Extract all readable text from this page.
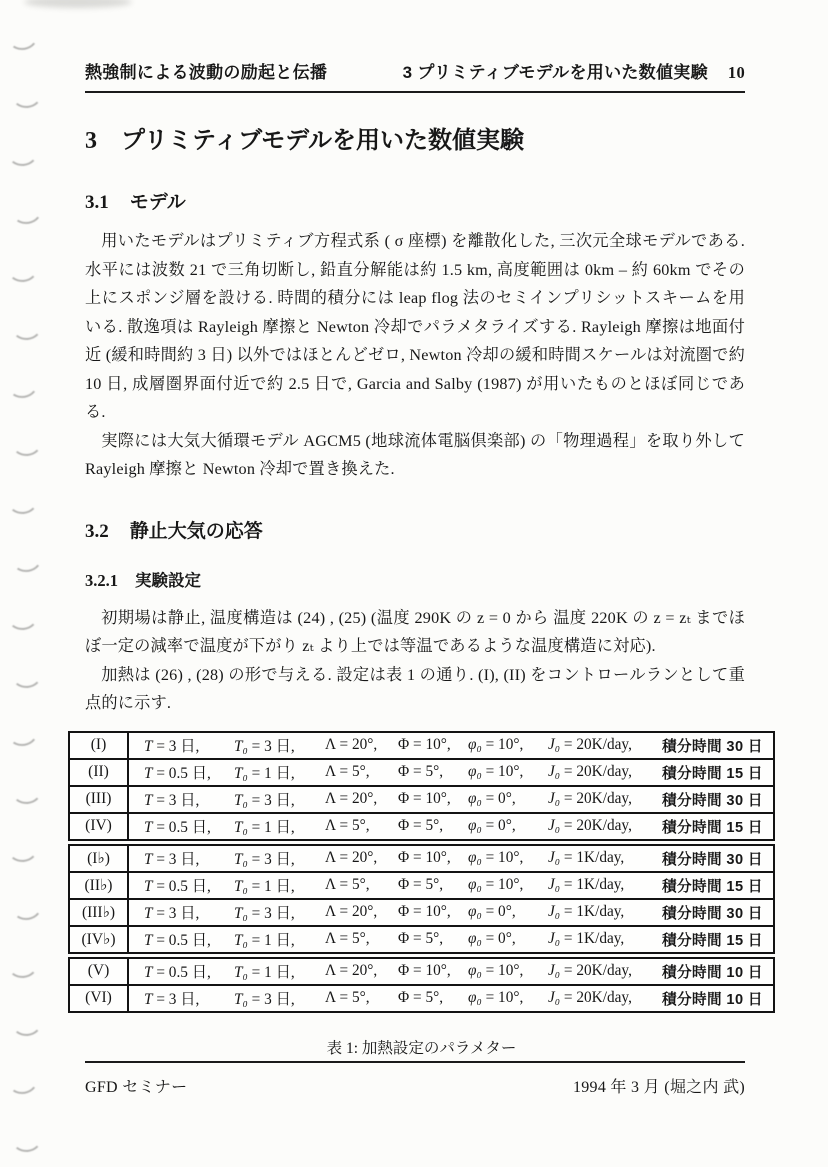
熱強制による波動の励起と伝播	3 プリミティブモデルを用いた数値実験 10
3 プリミティブモデルを用いた数値実験
3.1 モデル
用いたモデルはプリミティブ方程式系 ( σ 座標) を離散化した, 三次元全球モデルである. 水平には波数 21 で三角切断し, 鉛直分解能は約 1.5 km, 高度範囲は 0km – 約 60km でその上にスポンジ層を設ける. 時間的積分には leap flog 法のセミインプリシットスキームを用いる. 散逸項は Rayleigh 摩擦と Newton 冷却でパラメタライズする. Rayleigh 摩擦は地面付近 (緩和時間約 3 日) 以外ではほとんどゼロ, Newton 冷却の緩和時間スケールは対流圏で約 10 日, 成層圏界面付近で約 2.5 日で, Garcia and Salby (1987) が用いたものとほぼ同じである.
実際には大気大循環モデル AGCM5 (地球流体電脳倶楽部) の「物理過程」を取り外して Rayleigh 摩擦と Newton 冷却で置き換えた.
3.2 静止大気の応答
3.2.1 実験設定
初期場は静止, 温度構造は (24) , (25) (温度 290K の z = 0 から 温度 220K の z = zₜ までほぼ一定の減率で温度が下がり zₜ より上では等温であるような温度構造に対応).
加熱は (26) , (28) の形で与える. 設定は表 1 の通り. (I), (II) をコントロールランとして重点的に示す.
(I)	T = 3 日,	T₀ = 3 日,	Λ = 20°,	Φ = 10°,	φ₀ = 10°,	J₀ = 20K/day,	積分時間 30 日
(II)	T = 0.5 日,	T₀ = 1 日,	Λ = 5°,	Φ = 5°,	φ₀ = 10°,	J₀ = 20K/day,	積分時間 15 日
(III)	T = 3 日,	T₀ = 3 日,	Λ = 20°,	Φ = 10°,	φ₀ = 0°,	J₀ = 20K/day,	積分時間 30 日
(IV)	T = 0.5 日,	T₀ = 1 日,	Λ = 5°,	Φ = 5°,	φ₀ = 0°,	J₀ = 20K/day,	積分時間 15 日
(I♭)	T = 3 日,	T₀ = 3 日,	Λ = 20°,	Φ = 10°,	φ₀ = 10°,	J₀ = 1K/day,	積分時間 30 日
(II♭)	T = 0.5 日,	T₀ = 1 日,	Λ = 5°,	Φ = 5°,	φ₀ = 10°,	J₀ = 1K/day,	積分時間 15 日
(III♭)	T = 3 日,	T₀ = 3 日,	Λ = 20°,	Φ = 10°,	φ₀ = 0°,	J₀ = 1K/day,	積分時間 30 日
(IV♭)	T = 0.5 日,	T₀ = 1 日,	Λ = 5°,	Φ = 5°,	φ₀ = 0°,	J₀ = 1K/day,	積分時間 15 日
(V)	T = 0.5 日,	T₀ = 1 日,	Λ = 20°,	Φ = 10°,	φ₀ = 10°,	J₀ = 20K/day,	積分時間 10 日
(VI)	T = 3 日,	T₀ = 3 日,	Λ = 5°,	Φ = 5°,	φ₀ = 10°,	J₀ = 20K/day,	積分時間 10 日
表 1: 加熱設定のパラメター
GFD セミナー	1994 年 3 月 (堀之内 武)
